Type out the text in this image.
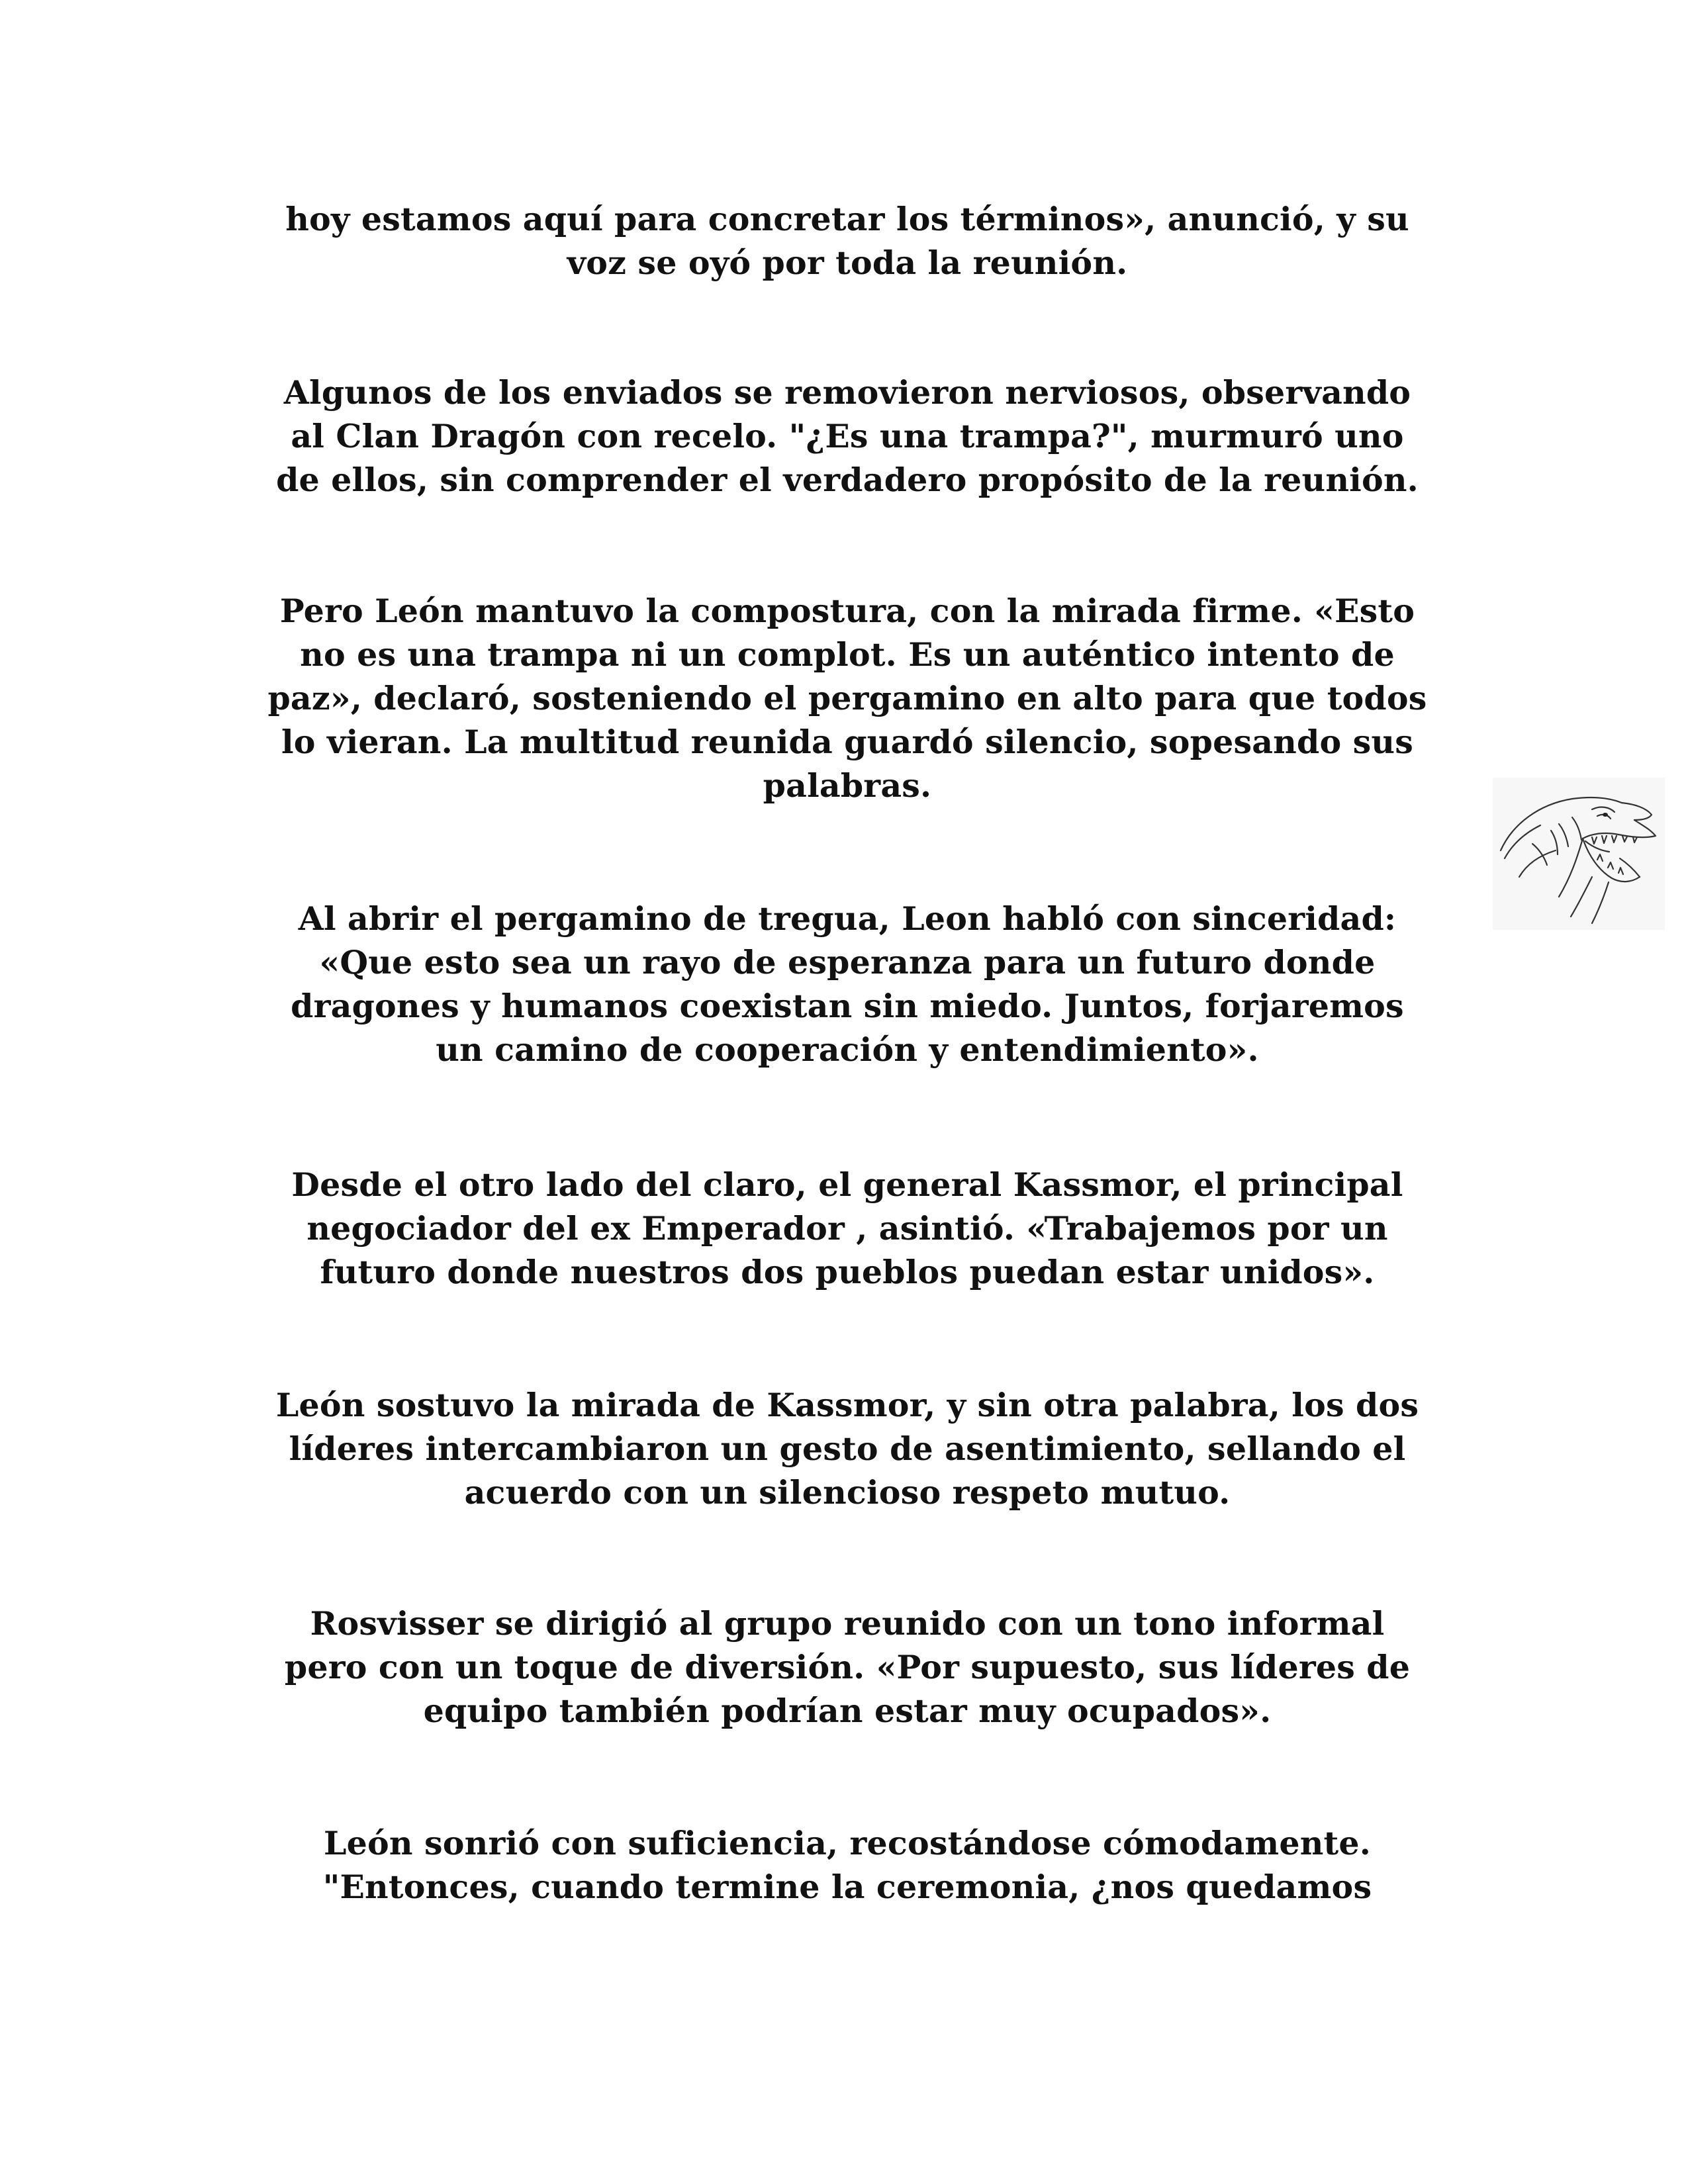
hoy estamos aquí para concretar los términos», anunció, y su
voz se oyó por toda la reunión.
Algunos de los enviados se removieron nerviosos, observando
al Clan Dragón con recelo. "¿Es una trampa?", murmuró uno
de ellos, sin comprender el verdadero propósito de la reunión.
Pero León mantuvo la compostura, con la mirada firme. «Esto
no es una trampa ni un complot. Es un auténtico intento de
paz», declaró, sosteniendo el pergamino en alto para que todos
lo vieran. La multitud reunida guardó silencio, sopesando sus
palabras.
Al abrir el pergamino de tregua, Leon habló con sinceridad:
«Que esto sea un rayo de esperanza para un futuro donde
dragones y humanos coexistan sin miedo. Juntos, forjaremos
un camino de cooperación y entendimiento».
Desde el otro lado del claro, el general Kassmor, el principal
negociador del ex Emperador , asintió. «Trabajemos por un
futuro donde nuestros dos pueblos puedan estar unidos».
León sostuvo la mirada de Kassmor, y sin otra palabra, los dos
líderes intercambiaron un gesto de asentimiento, sellando el
acuerdo con un silencioso respeto mutuo.
Rosvisser se dirigió al grupo reunido con un tono informal
pero con un toque de diversión. «Por supuesto, sus líderes de
equipo también podrían estar muy ocupados».
León sonrió con suficiencia, recostándose cómodamente.
"Entonces, cuando termine la ceremonia, ¿nos quedamos
